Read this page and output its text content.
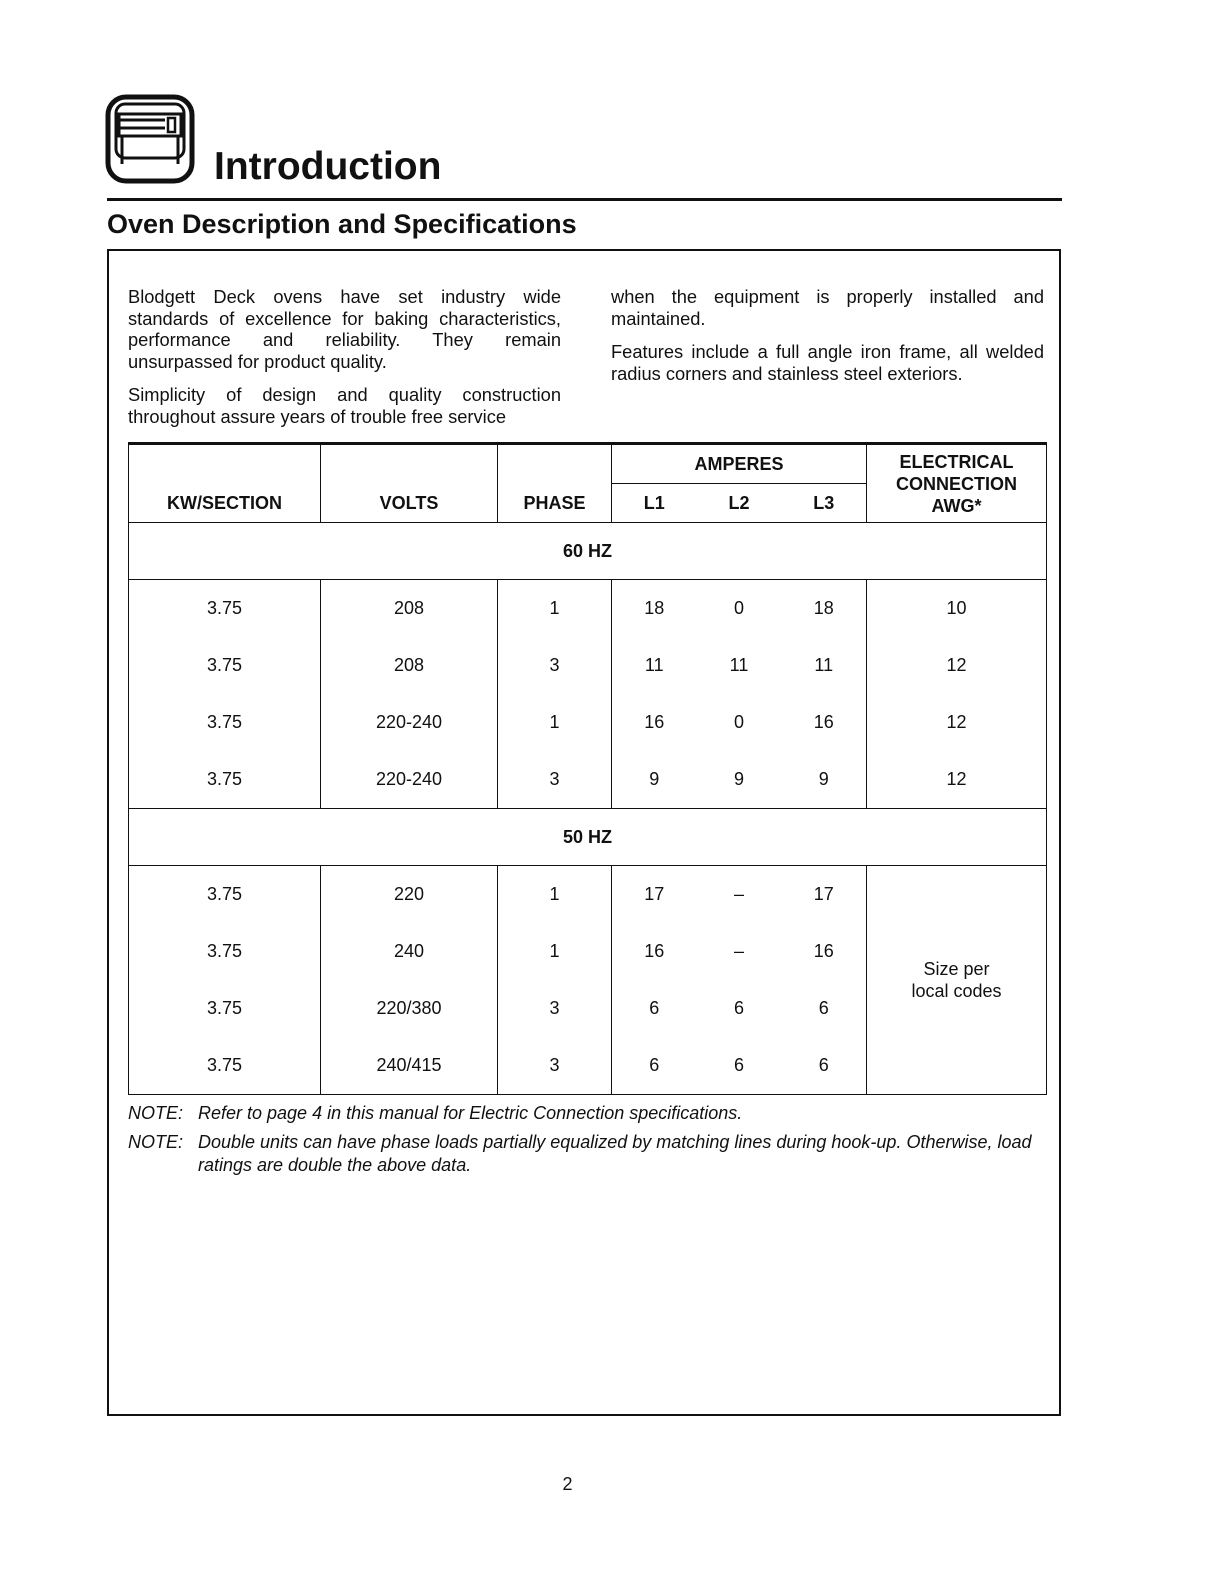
Introduction
Oven Description and Specifications

Blodgett Deck ovens have set industry wide standards of excellence for baking characteristics, performance and reliability. They remain unsurpassed for product quality.

Simplicity of design and quality construction throughout assure years of trouble free service

when the equipment is properly installed and maintained.

Features include a full angle iron frame, all welded radius corners and stainless steel exteriors.

KW/SECTION	VOLTS	PHASE	AMPERES			ELECTRICAL
CONNECTION
AWG*

			L1	L2	L3	
60 HZ						
3.75	208	1	18	0	18	10
3.75	208	3	11	11	11	12
3.75	220-240	1	16	0	16	12
3.75	220-240	3	9	9	9	12
50 HZ						
3.75	220	1	17	–	17	Size per
local codes

3.75	240	1	16	–	16	
3.75	220/380	3	6	6	6	
3.75	240/415	3	6	6	6	
NOTE: Refer to page 4 in this manual for Electric Connection specifications.
NOTE: Double units can have phase loads partially equalized by matching lines during hook-up. Otherwise, load ratings are double the above data.
2
